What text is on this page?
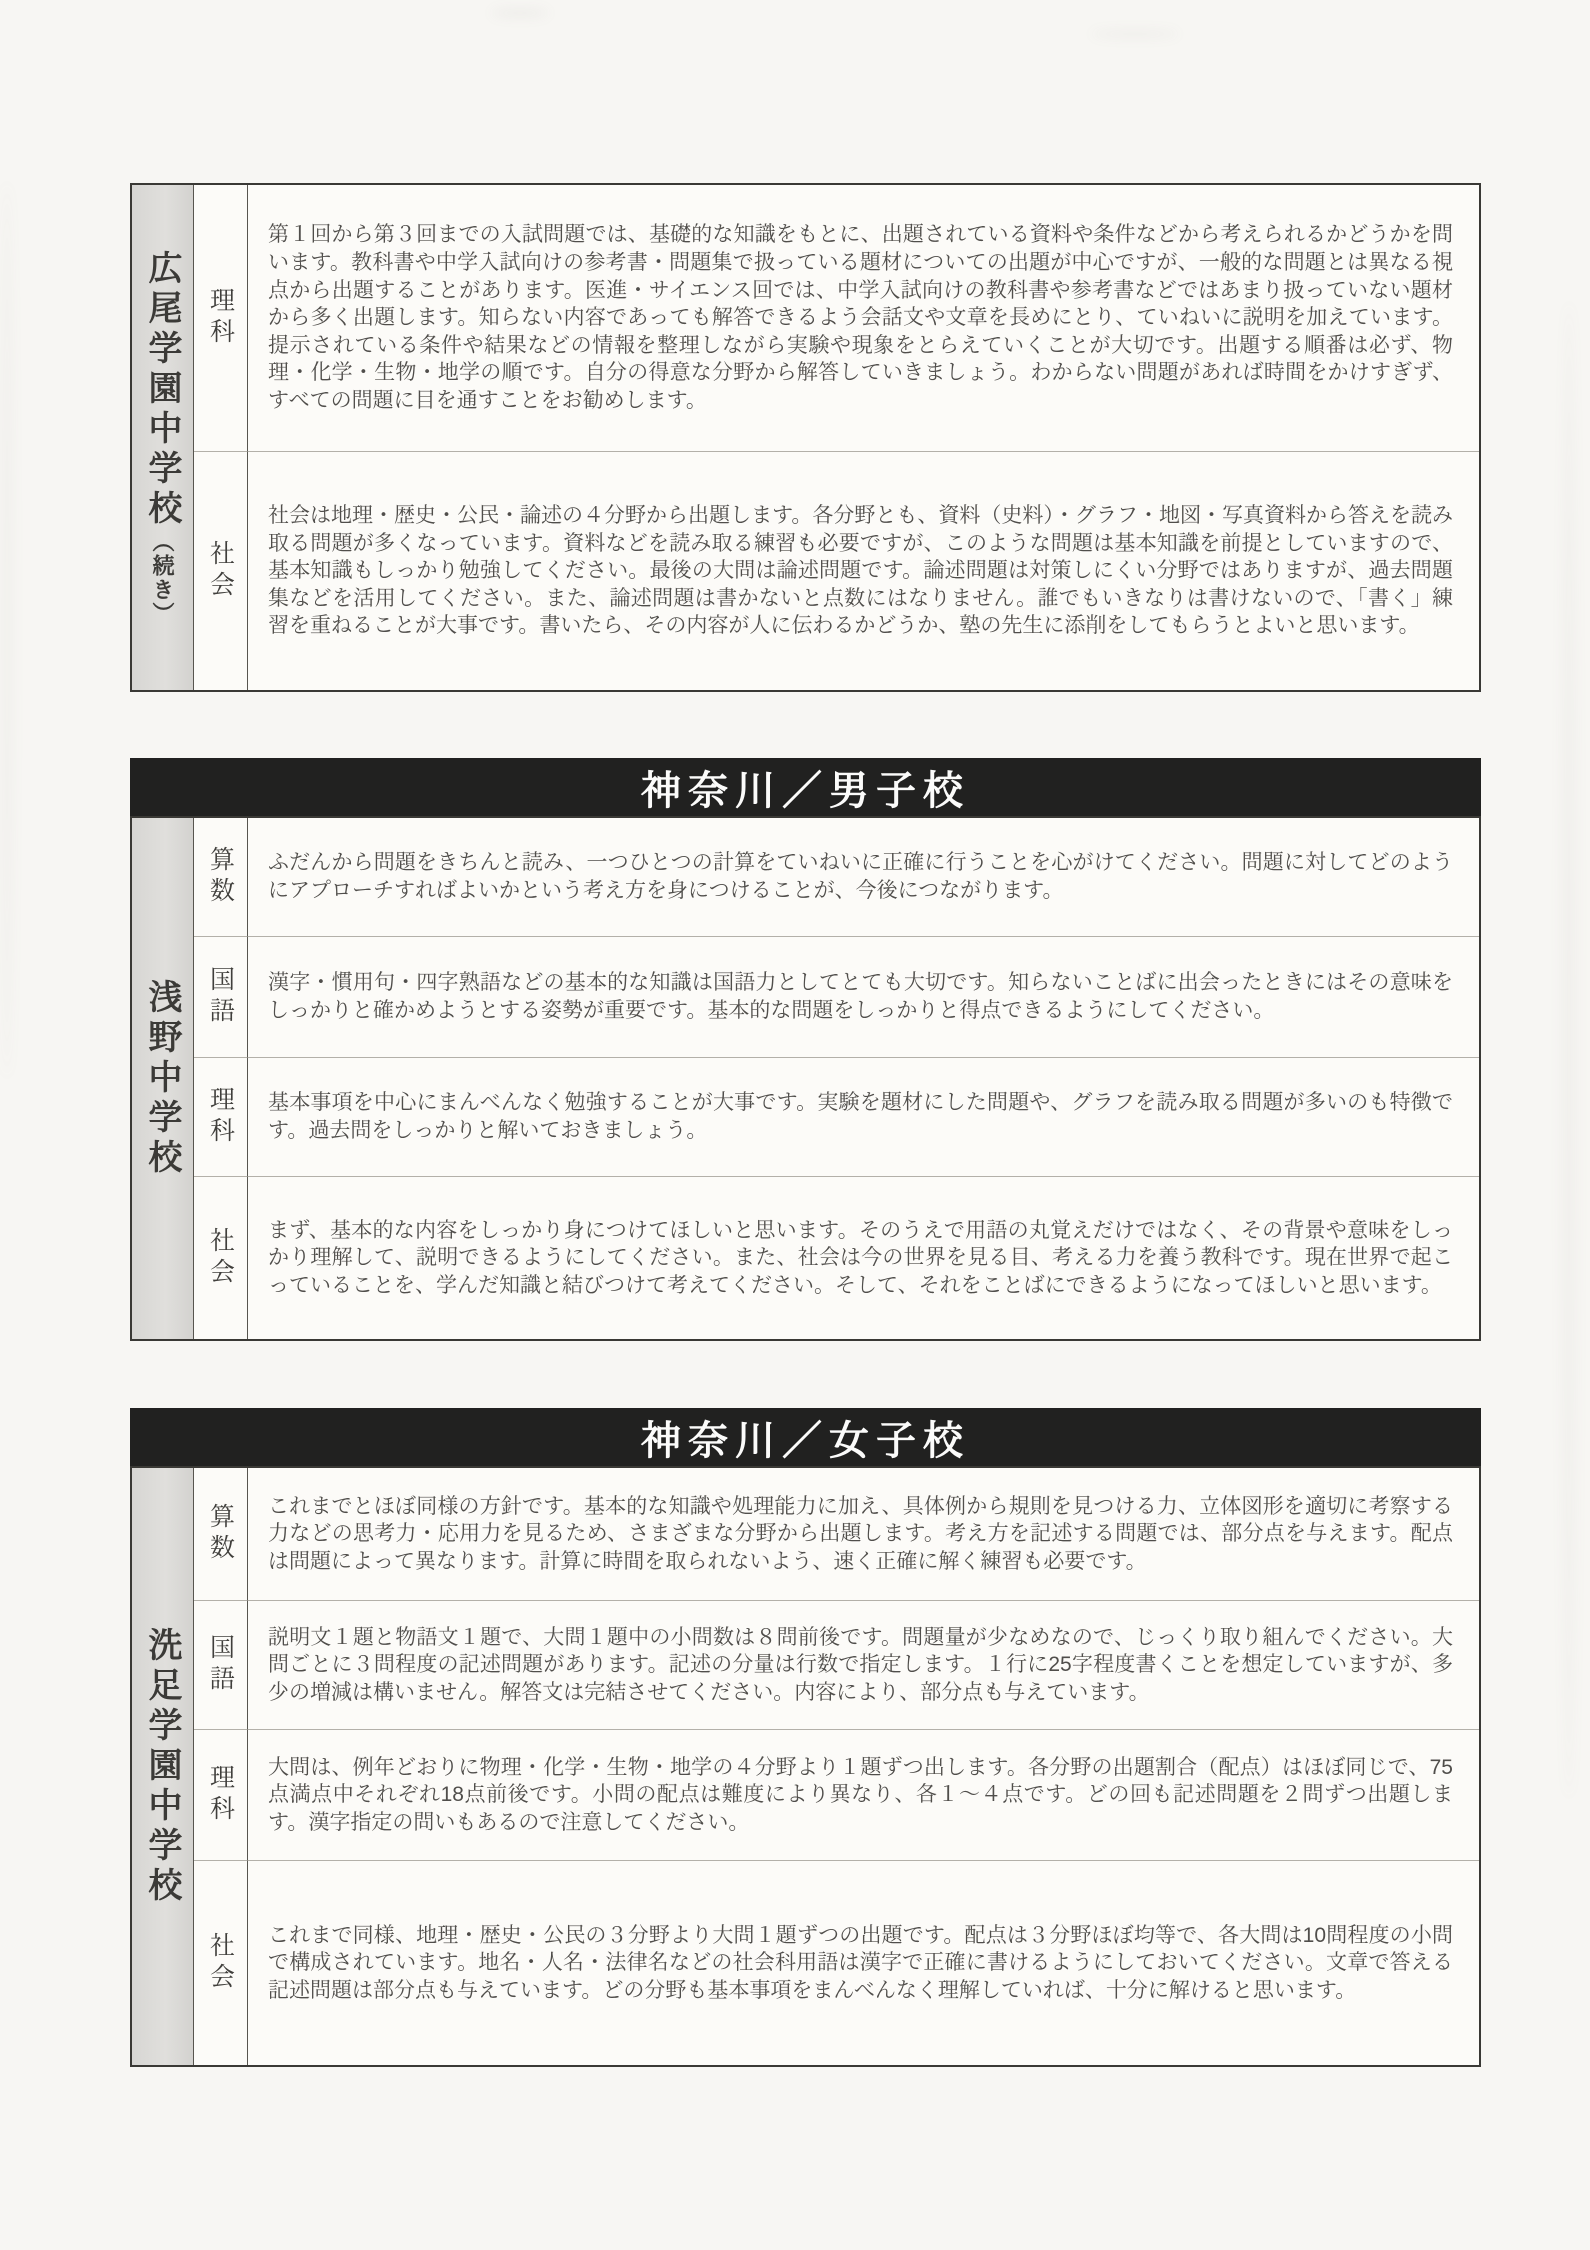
広尾学園中学校
（続き）
理科

第１回から第３回までの入試問題では、基礎的な知識をもとに、出題されている資料や条件などから考えられるかどうかを問います。教科書や中学入試向けの参考書・問題集で扱っている題材についての出題が中心ですが、一般的な問題とは異なる視点から出題することがあります。医進・サイエンス回では、中学入試向けの教科書や参考書などではあまり扱っていない題材から多く出題します。知らない内容であっても解答できるよう会話文や文章を長めにとり、ていねいに説明を加えています。提示されている条件や結果などの情報を整理しながら実験や現象をとらえていくことが大切です。出題する順番は必ず、物理・化学・生物・地学の順です。自分の得意な分野から解答していきましょう。わからない問題があれば時間をかけすぎず、すべての問題に目を通すことをお勧めします。

社会

社会は地理・歴史・公民・論述の４分野から出題します。各分野とも、資料（史料）・グラフ・地図・写真資料から答えを読み取る問題が多くなっています。資料などを読み取る練習も必要ですが、このような問題は基本知識を前提としていますので、基本知識もしっかり勉強してください。最後の大問は論述問題です。論述問題は対策しにくい分野ではありますが、過去問題集などを活用してください。また、論述問題は書かないと点数にはなりません。誰でもいきなりは書けないので、「書く」練習を重ねることが大事です。書いたら、その内容が人に伝わるかどうか、塾の先生に添削をしてもらうとよいと思います。

神奈川／男子校
浅野中学校
算数 ふだんから問題をきちんと読み、一つひとつの計算をていねいに正確に行うことを心がけてください。問題に対してどのようにアプローチすればよいかという考え方を身につけることが、今後につながります。

国語 漢字・慣用句・四字熟語などの基本的な知識は国語力としてとても大切です。知らないことばに出会ったときにはその意味をしっかりと確かめようとする姿勢が重要です。基本的な問題をしっかりと得点できるようにしてください。

理科 基本事項を中心にまんべんなく勉強することが大事です。実験を題材にした問題や、グラフを読み取る問題が多いのも特徴です。過去問をしっかりと解いておきましょう。

社会 まず、基本的な内容をしっかり身につけてほしいと思います。そのうえで用語の丸覚えだけではなく、その背景や意味をしっかり理解して、説明できるようにしてください。また、社会は今の世界を見る目、考える力を養う教科です。現在世界で起こっていることを、学んだ知識と結びつけて考えてください。そして、それをことばにできるようになってほしいと思います。

神奈川／女子校
洗足学園中学校
算数 これまでとほぼ同様の方針です。基本的な知識や処理能力に加え、具体例から規則を見つける力、立体図形を適切に考察する力などの思考力・応用力を見るため、さまざまな分野から出題します。考え方を記述する問題では、部分点を与えます。配点は問題によって異なります。計算に時間を取られないよう、速く正確に解く練習も必要です。

国語 説明文１題と物語文１題で、大問１題中の小問数は８問前後です。問題量が少なめなので、じっくり取り組んでください。大問ごとに３問程度の記述問題があります。記述の分量は行数で指定します。１行に25字程度書くことを想定していますが、多少の増減は構いません。解答文は完結させてください。内容により、部分点も与えています。

理科 大問は、例年どおりに物理・化学・生物・地学の４分野より１題ずつ出します。各分野の出題割合（配点）はほぼ同じで、75点満点中それぞれ18点前後です。小問の配点は難度により異なり、各１～４点です。どの回も記述問題を２問ずつ出題します。漢字指定の問いもあるので注意してください。

社会 これまで同様、地理・歴史・公民の３分野より大問１題ずつの出題です。配点は３分野ほぼ均等で、各大問は10問程度の小問で構成されています。地名・人名・法律名などの社会科用語は漢字で正確に書けるようにしておいてください。文章で答える記述問題は部分点も与えています。どの分野も基本事項をまんべんなく理解していれば、十分に解けると思います。
